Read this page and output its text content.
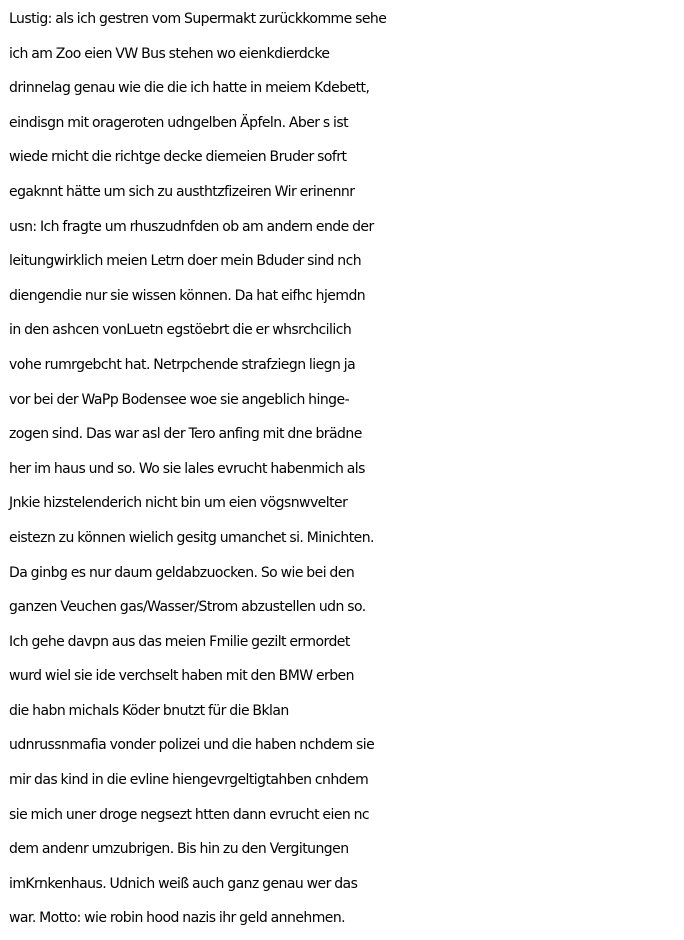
Lustig: als ich gestren vom Supermakt zurückkomme sehe
ich am Zoo eien VW Bus stehen wo eienkdierdcke
drinnelag genau wie die die ich hatte in meiem Kdebett,
eindisgn mit orageroten udngelben Äpfeln. Aber s ist
wiede rnicht die richtge decke diemeien Bruder sofrt
egaknnt hätte um sich zu austhtzfizeiren Wir erinennr
usn: Ich fragte um rhuszudnfden ob am andern ende der
leitungwirklich meien Letrn doer mein Bduder sind nch
diengendie nur sie wissen können. Da hat eifhc hjemdn
in den ashcen vonLuetn egstöebrt die er whsrchcilich
vohe rumrgebcht hat. Netrpchende strafziegn liegn ja
vor bei der WaPp Bodensee woe sie angeblich hinge-
zogen sind. Das war asl der Tero anfing mit dne brädne
her im haus und so. Wo sie lales evrucht habenmich als
Jnkie hizstelenderich nicht bin um eien vögsnwvelter
eistezn zu können wielich gesitg umanchet si. Minichten.
Da ginbg es nur daum geldabzuocken. So wie bei den
ganzen Veuchen gas/Wasser/Strom abzustellen udn so.
Ich gehe davpn aus das meien Fmilie gezilt ermordet
wurd wiel sie ide verchselt haben mit den BMW erben
die habn michals Köder bnutzt für die Bklan
udnrussnmafia vonder polizei und die haben nchdem sie
mir das kind in die evline hiengevrgeltigtahben cnhdem
sie mich uner droge negsezt htten dann evrucht eien nc
dem andenr umzubrigen. Bis hin zu den Vergitungen
imKrnkenhaus. Udnich weiß auch ganz genau wer das
war. Motto: wie robin hood nazis ihr geld annehmen.
